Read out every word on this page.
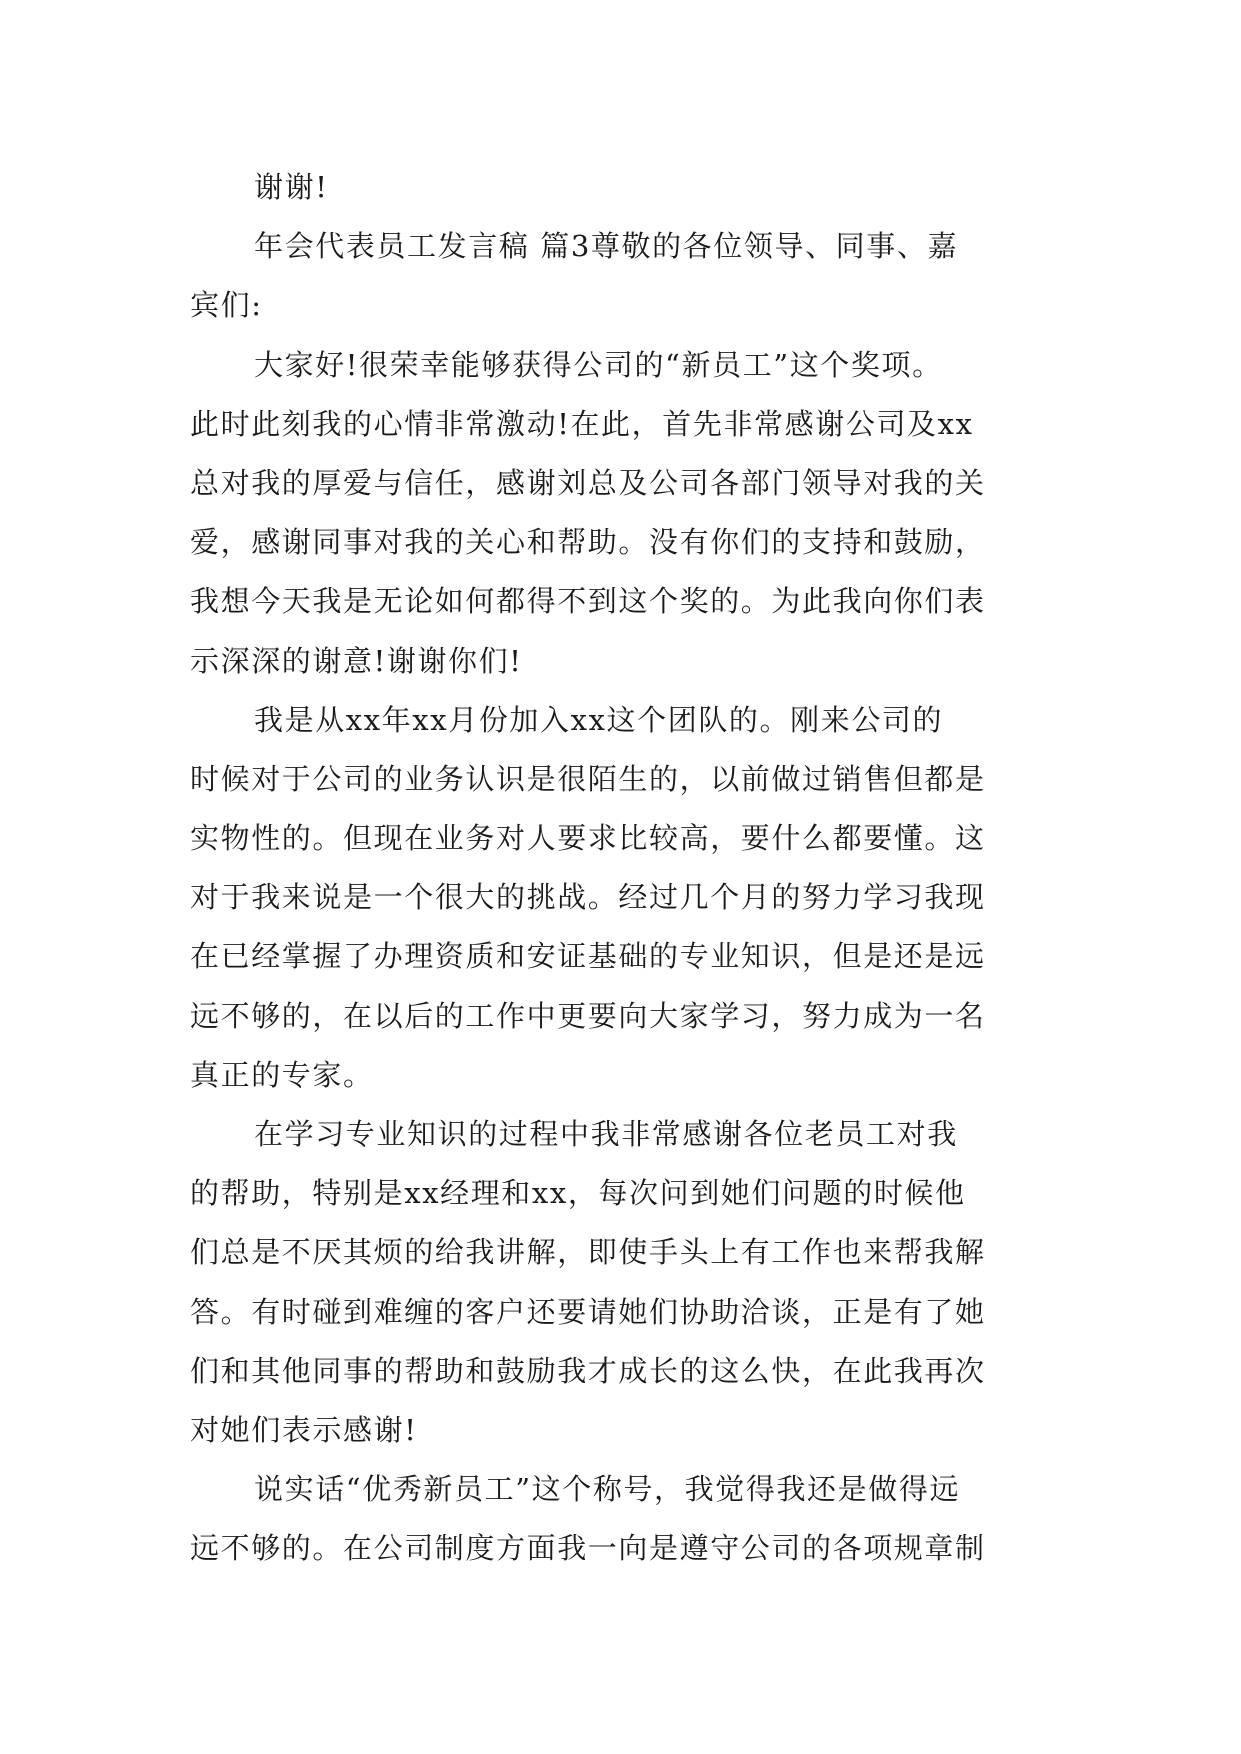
谢谢!
年会代表员工发言稿 篇3尊敬的各位领导、同事、嘉
宾们:
大家好!很荣幸能够获得公司的“新员工”这个奖项。
此时此刻我的心情非常激动!在此，首先非常感谢公司及xx
总对我的厚爱与信任，感谢刘总及公司各部门领导对我的关
爱，感谢同事对我的关心和帮助。没有你们的支持和鼓励，
我想今天我是无论如何都得不到这个奖的。为此我向你们表
示深深的谢意!谢谢你们!
我是从xx年xx月份加入xx这个团队的。刚来公司的
时候对于公司的业务认识是很陌生的，以前做过销售但都是
实物性的。但现在业务对人要求比较高，要什么都要懂。这
对于我来说是一个很大的挑战。经过几个月的努力学习我现
在已经掌握了办理资质和安证基础的专业知识，但是还是远
远不够的，在以后的工作中更要向大家学习，努力成为一名
真正的专家。
在学习专业知识的过程中我非常感谢各位老员工对我
的帮助，特别是xx经理和xx，每次问到她们问题的时候他
们总是不厌其烦的给我讲解，即使手头上有工作也来帮我解
答。有时碰到难缠的客户还要请她们协助洽谈，正是有了她
们和其他同事的帮助和鼓励我才成长的这么快，在此我再次
对她们表示感谢!
说实话“优秀新员工”这个称号，我觉得我还是做得远
远不够的。在公司制度方面我一向是遵守公司的各项规章制
